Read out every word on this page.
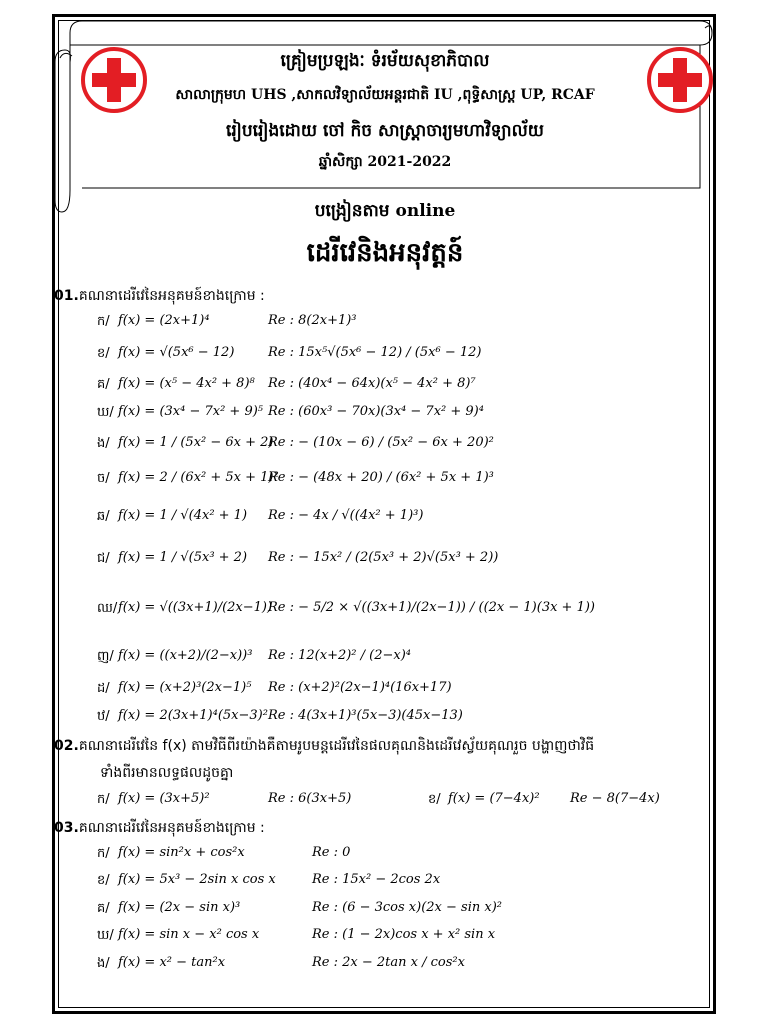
គ្រៀមប្រឡងៈ ទំរម័យសុខាភិបាល
សាលាក្រុមហ UHS ,សាកលវិទ្យាល័យអន្តរជាតិ IU ,ពុទ្ធិសាស្ត្រ UP, RCAF
រៀបរៀងដោយ ចៅ កិច សាស្ត្រាចារ្យមហាវិទ្យាល័យ
ឆ្នាំសិក្សា 2021-2022
បង្រៀនតាម online
ដេរីវេនិងអនុវត្តន៍
01.គណនាដេរីវេនៃអនុគមន៍ខាងក្រោម :
ក/ f(x) = (2x+1)⁴	Re : 8(2x+1)³
ខ/ f(x) = √(5x⁶ − 12)	Re : 15x⁵√(5x⁶ − 12) / (5x⁶ − 12)
គ/ f(x) = (x⁵ − 4x² + 8)⁸ Re : (40x⁴ − 64x)(x⁵ − 4x² + 8)⁷
ឃ/ f(x) = (3x⁴ − 7x² + 9)⁵ Re : (60x³ − 70x)(3x⁴ − 7x² + 9)⁴
ង/ f(x) = 1 / (5x² − 6x + 2)
Re : − (10x − 6) / (5x² − 6x + 20)²
ច/ f(x) = 2 / (6x² + 5x + 1)²
Re : − (48x + 20) / (6x² + 5x + 1)³
ឆ/ f(x) = 1 / √(4x² + 1) Re : − 4x / √((4x² + 1)³)
ជ/ f(x) = 1 / √(5x³ + 2) Re : − 15x² / (2(5x³ + 2)√(5x³ + 2))
ឈ/ f(x) = √((3x+1)/(2x−1))
Re : − 5/2 × √((3x+1)/(2x−1)) / ((2x − 1)(3x + 1))
ញ/ f(x) = ((x+2)/(2−x))³ Re : 12(x+2)² / (2−x)⁴
ដ/ f(x) = (x+2)³(2x−1)⁵ Re : (x+2)²(2x−1)⁴(16x+17)
ឋ/ f(x) = 2(3x+1)⁴(5x−3)² Re : 4(3x+1)³(5x−3)(45x−13)
02.គណនាដេរីវេនៃ f(x) តាមវិធីពីរយ៉ាងគឺតាមរូបមន្តដេរីវេនៃផលគុណនិងដេរីវេស្វ័យគុណរួច បង្ហាញថាវិធី
ទាំងពីរមានលទ្ធផលដូចគ្នា
ក/ f(x) = (3x+5)²	Re : 6(3x+5)	ខ/ f(x) = (7−4x)² Re − 8(7−4x)
03.គណនាដេរីវេនៃអនុគមន៍ខាងក្រោម :
ក/ f(x) = sin²x + cos²x	Re : 0
ខ/ f(x) = 5x³ − 2sin x cos x	Re : 15x² − 2cos 2x
គ/ f(x) = (2x − sin x)³	Re : (6 − 3cos x)(2x − sin x)²
ឃ/ f(x) = sin x − x² cos x	Re : (1 − 2x)cos x + x² sin x
ង/ f(x) = x² − tan²x	Re : 2x − 2tan x / cos²x
